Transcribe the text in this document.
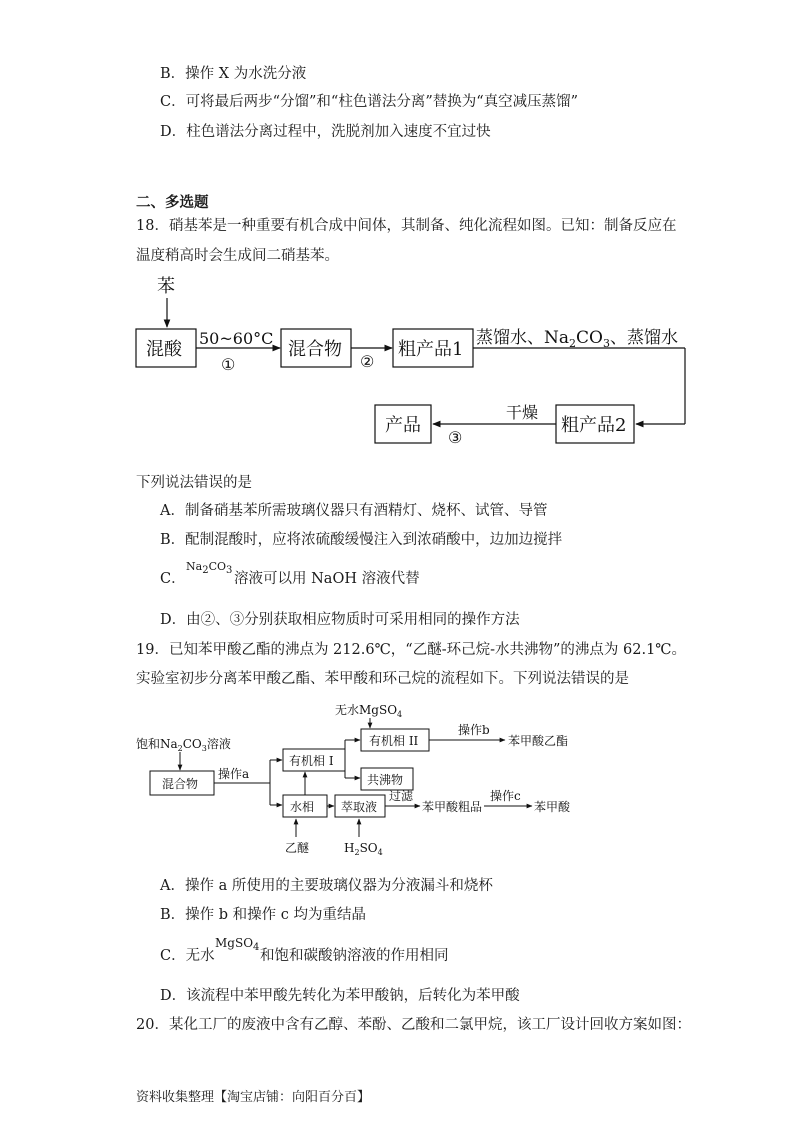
B．操作 X 为水洗分液
C．可将最后两步“分馏”和“柱色谱法分离”替换为“真空减压蒸馏”
D．柱色谱法分离过程中，洗脱剂加入速度不宜过快
二、多选题
18．硝基苯是一种重要有机合成中间体，其制备、纯化流程如图。已知：制备反应在
温度稍高时会生成间二硝基苯。
苯
混酸
50~60°C
①
混合物
②
粗产品1
蒸馏水、$Na_2CO_3$、蒸馏水
粗产品2
干燥
③
产品
下列说法错误的是
A．制备硝基苯所需玻璃仪器只有酒精灯、烧杯、试管、导管
B．配制混酸时，应将浓硫酸缓慢注入到浓硝酸中，边加边搅拌
C．
Na2CO3
溶液可以用 NaOH 溶液代替
D．由②、③分别获取相应物质时可采用相同的操作方法
19．已知苯甲酸乙酯的沸点为 212.6℃，“乙醚-环己烷-水共沸物”的沸点为 62.1℃。
实验室初步分离苯甲酸乙酯、苯甲酸和环己烷的流程如下。下列说法错误的是
无水MgSO$_4$
有机相 II
操作b
苯甲酸乙酯
饱和$Na_2CO_3$溶液
混合物
操作a
有机相 I
共沸物
水相 萃取液
过滤
苯甲酸粗品
操作c
苯甲酸
乙醚	$H_2SO_4$
A．操作 a 所使用的主要玻璃仪器为分液漏斗和烧杯
B．操作 b 和操作 c 均为重结晶
C．无水
MgSO$_4$
和饱和碳酸钠溶液的作用相同
D．该流程中苯甲酸先转化为苯甲酸钠，后转化为苯甲酸
20．某化工厂的废液中含有乙醇、苯酚、乙酸和二氯甲烷，该工厂设计回收方案如图：
资料收集整理【淘宝店铺：向阳百分百】
